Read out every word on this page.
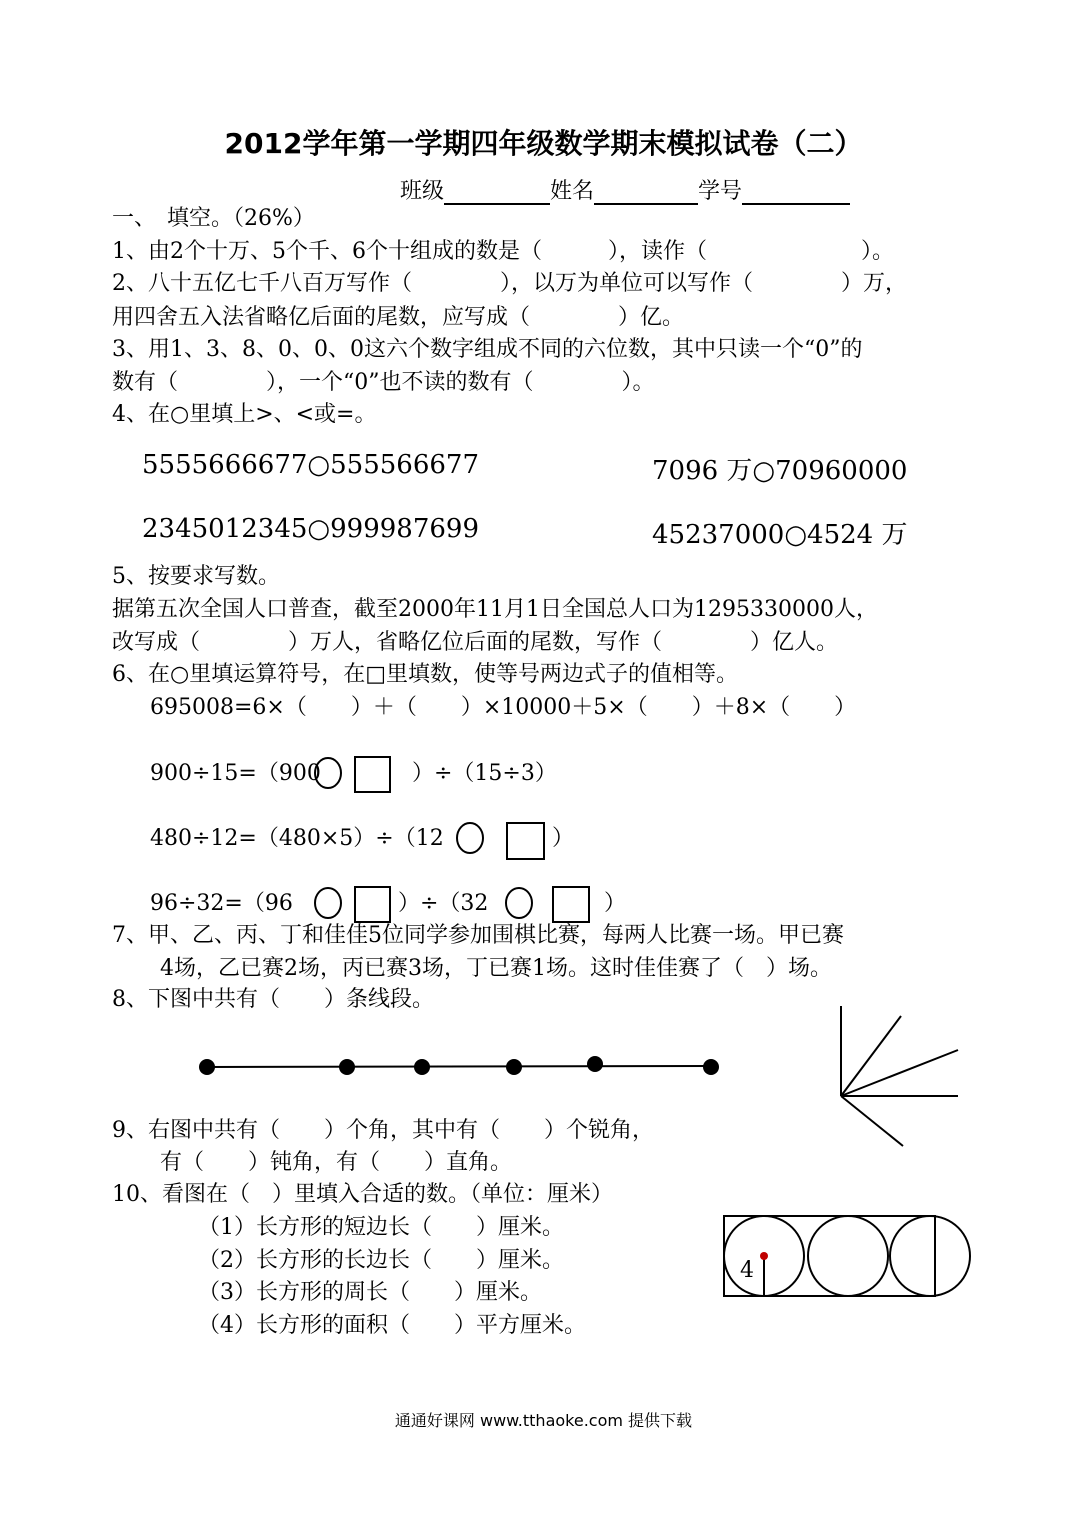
2012学年第一学期四年级数学期末模拟试卷（二）
班级	姓名	学号
一、　填空。（26%）
1、由2个十万、5个千、6个十组成的数是（　　　），读作（　　　　　　　）。
2、八十五亿七千八百万写作（　　　　），以万为单位可以写作（　　　　）万，
用四舍五入法省略亿后面的尾数，应写成（　　　　）亿。
3、用1、3、8、0、0、0这六个数字组成不同的六位数，其中只读一个“0”的
数有（　　　　），一个“0”也不读的数有（　　　　）。
4、在○里填上>、<或=。
5555666677○555566677	7096 万○70960000
2345012345○999987699	45237000○4524 万
5、按要求写数。
据第五次全国人口普查，截至2000年11月1日全国总人口为1295330000人，
改写成（　　　　）万人，省略亿位后面的尾数，写作（　　　　）亿人。
6、在○里填运算符号，在□里填数，使等号两边式子的值相等。
695008=6×（　　）＋（　　）×10000＋5×（　　）＋8×（　　）
900÷15=（900	）÷（15÷3）
480÷12=（480×5）÷（12	）
96÷32=（96	）÷（32	）
7、甲、乙、丙、丁和佳佳5位同学参加围棋比赛，每两人比赛一场。甲已赛
4场，乙已赛2场，丙已赛3场，丁已赛1场。这时佳佳赛了（　）场。
8、下图中共有（　　）条线段。
9、右图中共有（　　）个角，其中有（　　）个锐角，
有（　　）钝角，有（　　）直角。
10、看图在（　）里填入合适的数。（单位：厘米）
（1）长方形的短边长（　　）厘米。
（2）长方形的长边长（　　）厘米。
（3）长方形的周长（　　）厘米。
（4）长方形的面积（　　）平方厘米。
4
通通好课网 www.tthaoke.com 提供下载
